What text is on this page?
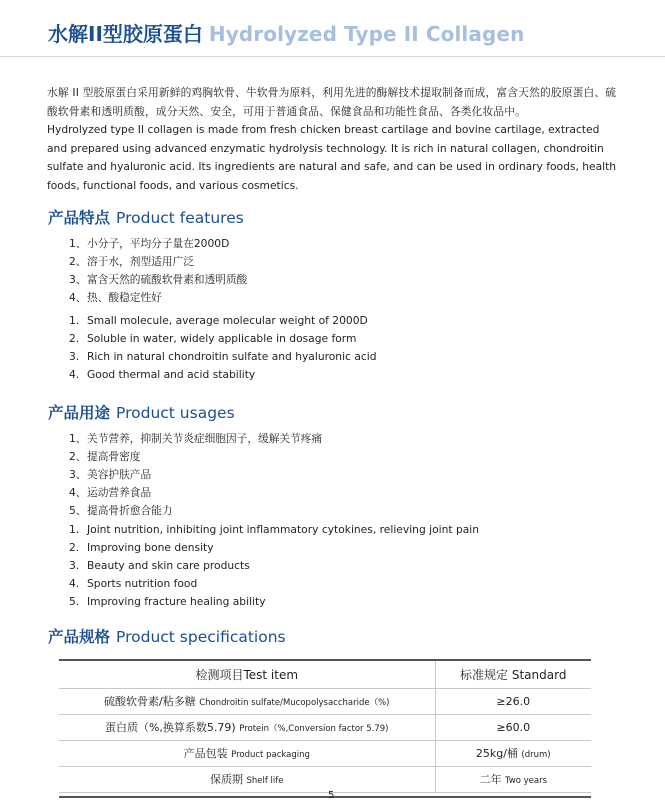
水解II型胶原蛋白 Hydrolyzed Type II Collagen

水解 II 型胶原蛋白采用新鲜的鸡胸软骨、牛软骨为原料，利用先进的酶解技术提取制备而成，富含天然的胶原蛋白、硫酸软骨素和透明质酸，成分天然、安全，可用于普通食品、保健食品和功能性食品、各类化妆品中。

Hydrolyzed type II collagen is made from fresh chicken breast cartilage and bovine cartilage, extracted and prepared using advanced enzymatic hydrolysis technology. It is rich in natural collagen, chondroitin sulfate and hyaluronic acid. Its ingredients are natural and safe, and can be used in ordinary foods, health foods, functional foods, and various cosmetics.

产品特点 Product features
1、小分子，平均分子量在2000D
2、溶于水，剂型适用广泛
3、富含天然的硫酸软骨素和透明质酸
4、热、酸稳定性好
1. Small molecule, average molecular weight of 2000D
2. Soluble in water, widely applicable in dosage form
3. Rich in natural chondroitin sulfate and hyaluronic acid
4. Good thermal and acid stability
产品用途 Product usages
1、关节营养，抑制关节炎症细胞因子，缓解关节疼痛
2、提高骨密度
3、美容护肤产品
4、运动营养食品
5、提高骨折愈合能力
1. Joint nutrition, inhibiting joint inflammatory cytokines, relieving joint pain
2. Improving bone density
3. Beauty and skin care products
4. Sports nutrition food
5. Improving fracture healing ability
产品规格 Product specifications
检测项目Test item	标准规定 Standard
硫酸软骨素/粘多糖 Chondroitin sulfate/Mucopolysaccharide（%)	≥26.0
蛋白质（%,换算系数5.79) Protein（%,Conversion factor 5.79)	≥60.0
产品包装 Product packaging	25kg/桶 (drum)
保质期 Shelf life	二年 Two years
5
